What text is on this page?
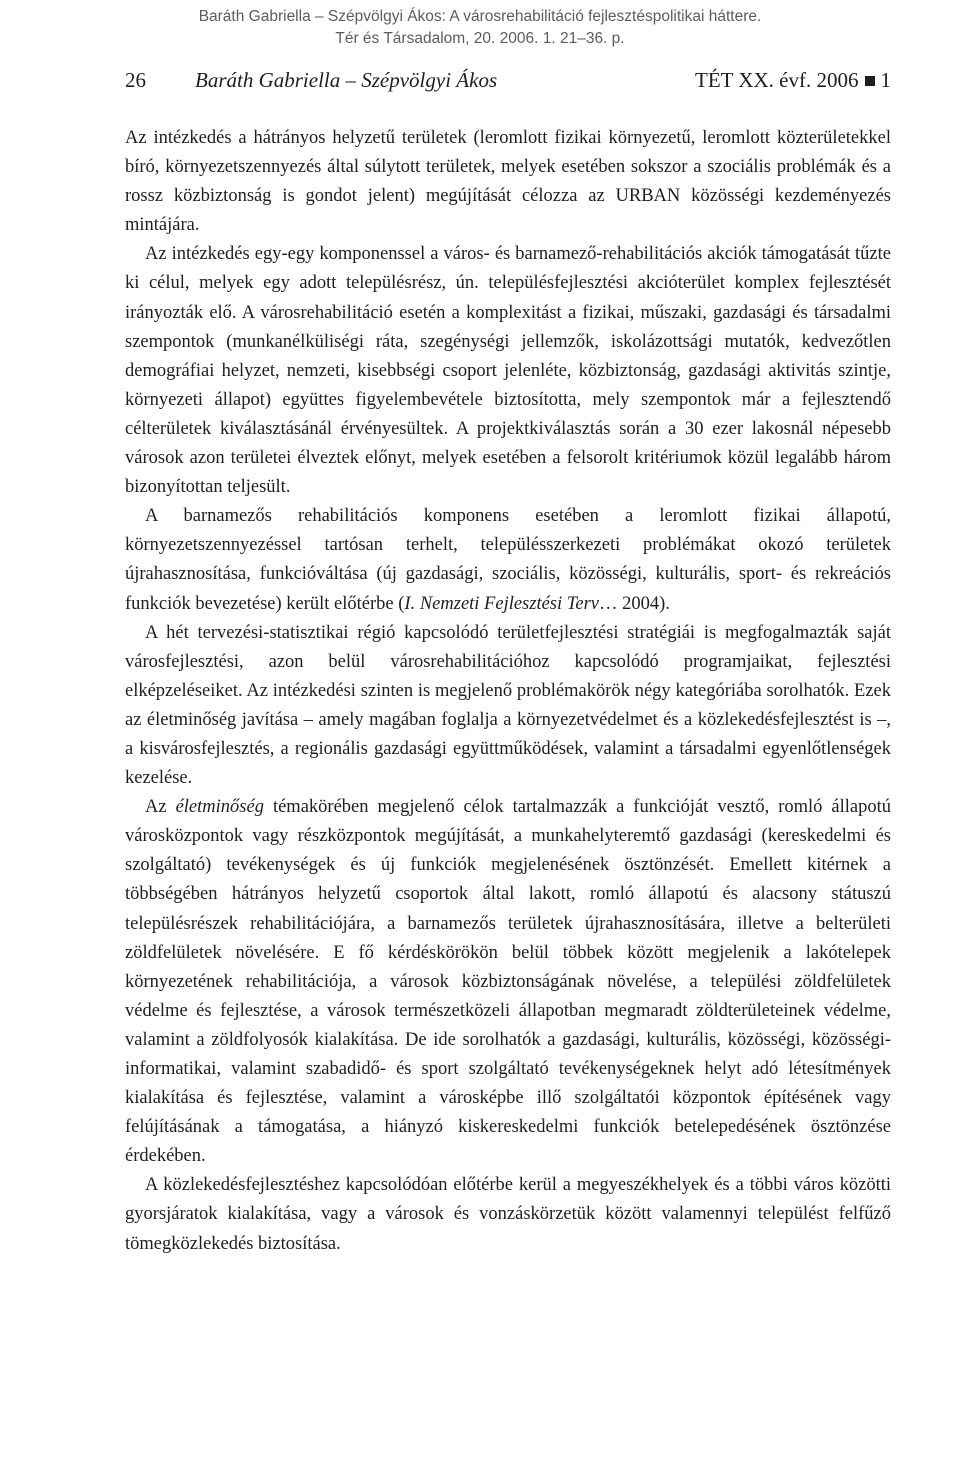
Baráth Gabriella – Szépvölgyi Ákos: A városrehabilitáció fejlesztéspolitikai háttere.
Tér és Társadalom, 20. 2006. 1. 21–36. p.
26 Baráth Gabriella – Szépvölgyi Ákos	TÉT XX. évf. 2006 1

Az intézkedés a hátrányos helyzetű területek (leromlott fizikai környezetű, leromlott közterületekkel bíró, környezetszennyezés által súlytott területek, melyek esetében sokszor a szociális problémák és a rossz közbiztonság is gondot jelent) megújítását célozza az URBAN közösségi kezdeményezés mintájára.

Az intézkedés egy-egy komponenssel a város- és barnamező-rehabilitációs akciók támogatását tűzte ki célul, melyek egy adott településrész, ún. településfejlesztési akcióterület komplex fejlesztését irányozták elő. A városrehabilitáció esetén a komplexitást a fizikai, műszaki, gazdasági és társadalmi szempontok (munkanélküliségi ráta, szegénységi jellemzők, iskolázottsági mutatók, kedvezőtlen demográfiai helyzet, nemzeti, kisebbségi csoport jelenléte, közbiztonság, gazdasági aktivitás szintje, környezeti állapot) együttes figyelembevétele biztosította, mely szempontok már a fejlesztendő célterületek kiválasztásánál érvényesültek. A projektkiválasztás során a 30 ezer lakosnál népesebb városok azon területei élveztek előnyt, melyek esetében a felsorolt kritériumok közül legalább három bizonyítottan teljesült.

A barnamezős rehabilitációs komponens esetében a leromlott fizikai állapotú, környezetszennyezéssel tartósan terhelt, településszerkezeti problémákat okozó területek újrahasznosítása, funkcióváltása (új gazdasági, szociális, közösségi, kulturális, sport- és rekreációs funkciók bevezetése) került előtérbe (I. Nemzeti Fejlesztési Terv… 2004).

A hét tervezési-statisztikai régió kapcsolódó területfejlesztési stratégiái is megfogalmazták saját városfejlesztési, azon belül városrehabilitációhoz kapcsolódó programjaikat, fejlesztési elképzeléseiket. Az intézkedési szinten is megjelenő problémakörök négy kategóriába sorolhatók. Ezek az életminőség javítása – amely magában foglalja a környezetvédelmet és a közlekedésfejlesztést is –, a kisvárosfejlesztés, a regionális gazdasági együttműködések, valamint a társadalmi egyenlőtlenségek kezelése.

Az életminőség témakörében megjelenő célok tartalmazzák a funkcióját vesztő, romló állapotú városközpontok vagy részközpontok megújítását, a munkahelyteremtő gazdasági (kereskedelmi és szolgáltató) tevékenységek és új funkciók megjelenésének ösztönzését. Emellett kitérnek a többségében hátrányos helyzetű csoportok által lakott, romló állapotú és alacsony státuszú településrészek rehabilitációjára, a barnamezős területek újrahasznosítására, illetve a belterületi zöldfelületek növelésére. E fő kérdéskörökön belül többek között megjelenik a lakótelepek környezetének rehabilitációja, a városok közbiztonságának növelése, a települési zöldfelületek védelme és fejlesztése, a városok természetközeli állapotban megmaradt zöldterületeinek védelme, valamint a zöldfolyosók kialakítása. De ide sorolhatók a gazdasági, kulturális, közösségi, közösségi-informatikai, valamint szabadidő- és sport szolgáltató tevékenységeknek helyt adó létesítmények kialakítása és fejlesztése, valamint a városképbe illő szolgáltatói központok építésének vagy felújításának a támogatása, a hiányzó kiskereskedelmi funkciók betelepedésének ösztönzése érdekében.

A közlekedésfejlesztéshez kapcsolódóan előtérbe kerül a megyeszékhelyek és a többi város közötti gyorsjáratok kialakítása, vagy a városok és vonzáskörzetük között valamennyi települést felfűző tömegközlekedés biztosítása.
